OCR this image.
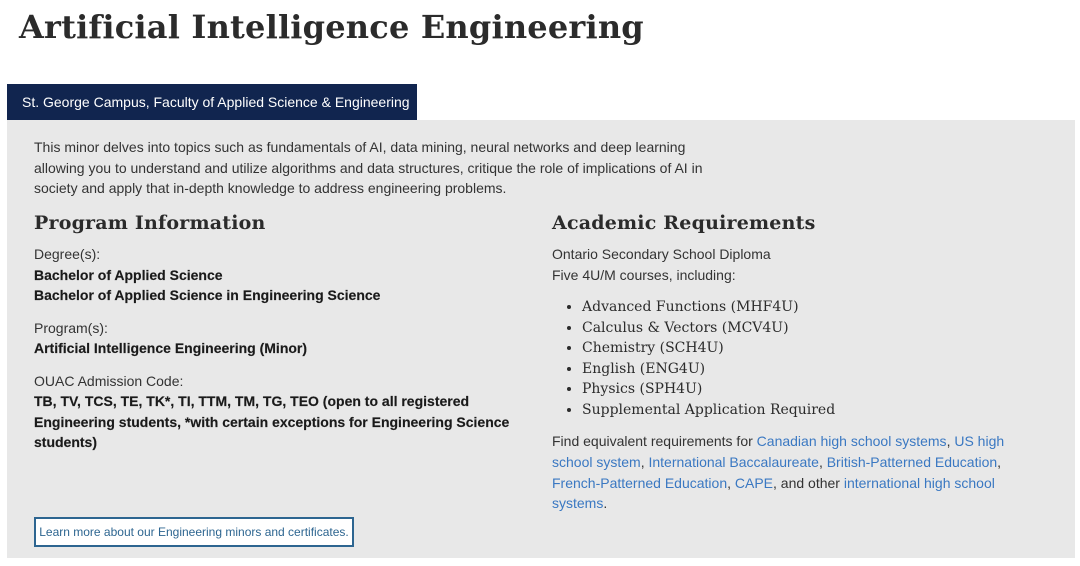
Artificial Intelligence Engineering
St. George Campus, Faculty of Applied Science & Engineering

This minor delves into topics such as fundamentals of AI, data mining, neural networks and deep learning allowing you to understand and utilize algorithms and data structures, critique the role of implications of AI in society and apply that in-depth knowledge to address engineering problems.

Program Information
Degree(s):
Bachelor of Applied Science
Bachelor of Applied Science in Engineering Science
Program(s):
Artificial Intelligence Engineering (Minor)
OUAC Admission Code:
TB, TV, TCS, TE, TK*, TI, TTM, TM, TG, TEO (open to all registered Engineering students, *with certain exceptions for Engineering Science students)
Academic Requirements
Ontario Secondary School Diploma
Five 4U/M courses, including:
• Advanced Functions (MHF4U)
• Calculus & Vectors (MCV4U)
• Chemistry (SCH4U)
• English (ENG4U)
• Physics (SPH4U)
• Supplemental Application Required

Find equivalent requirements for Canadian high school systems, US high school system, International Baccalaureate, British-Patterned Education, French-Patterned Education, CAPE, and other international high school systems.

Learn more about our Engineering minors and certificates.
